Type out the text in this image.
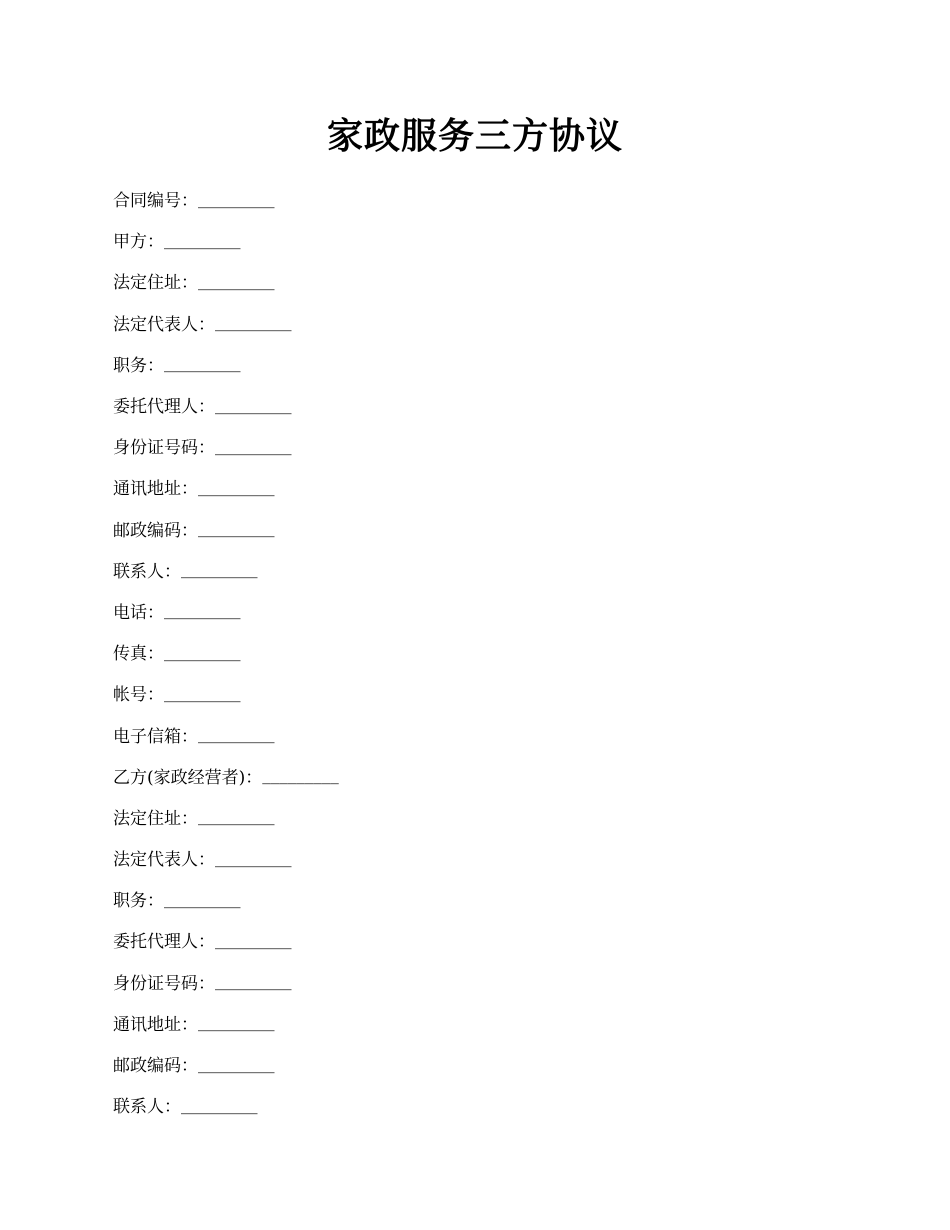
家政服务三方协议
合同编号： _________
甲方： _________
法定住址： _________
法定代表人： _________
职务： _________
委托代理人： _________
身份证号码： _________
通讯地址： _________
邮政编码： _________
联系人： _________
电话： _________
传真： _________
帐号： _________
电子信箱： _________
乙方(家政经营者)： _________
法定住址： _________
法定代表人： _________
职务： _________
委托代理人： _________
身份证号码： _________
通讯地址： _________
邮政编码： _________
联系人： _________
